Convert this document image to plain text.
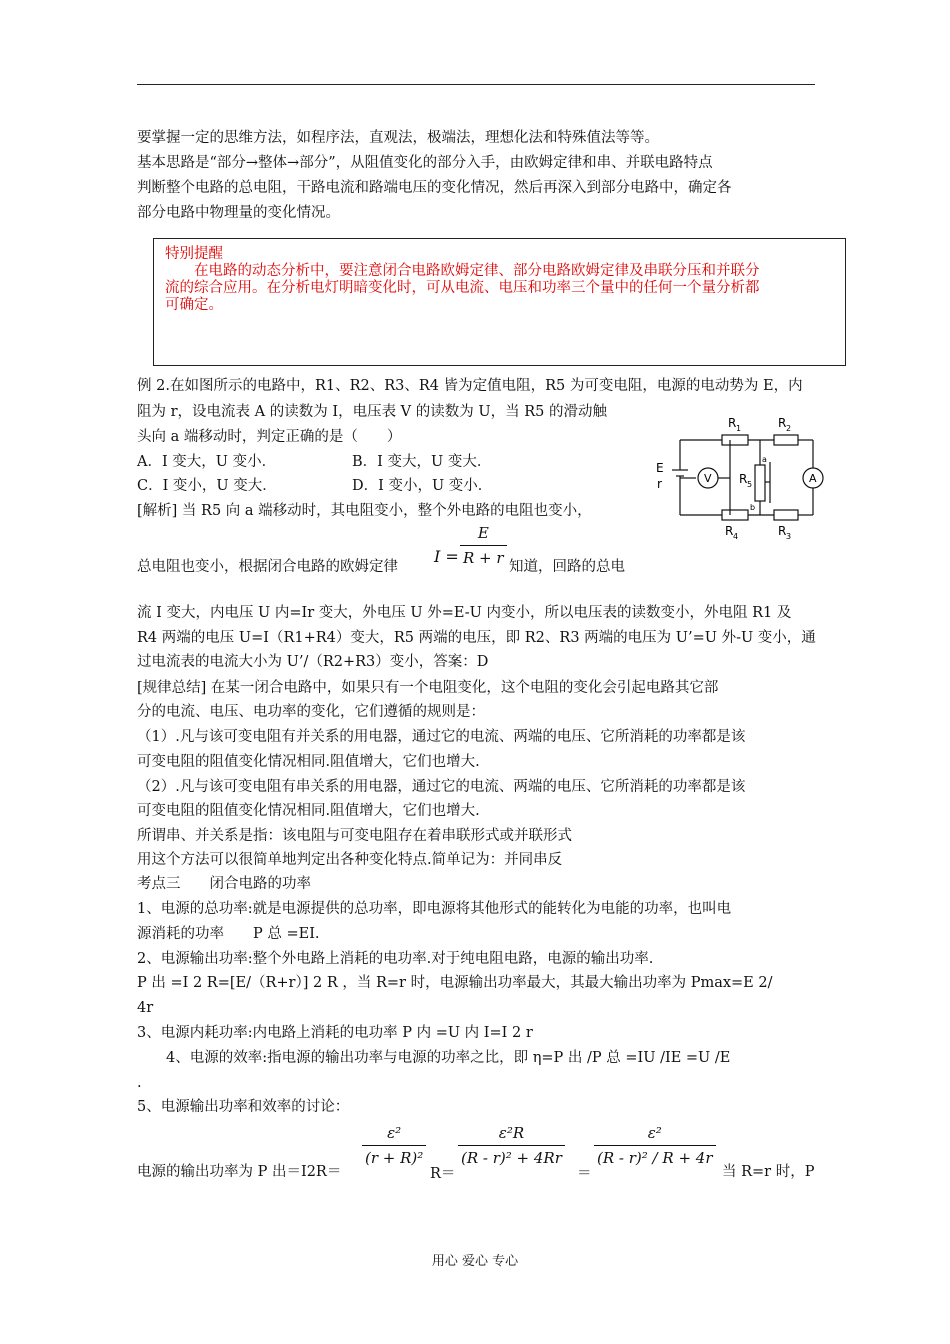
要掌握一定的思维方法，如程序法，直观法，极端法，理想化法和特殊值法等等。
基本思路是“部分→整体→部分”，从阻值变化的部分入手，由欧姆定律和串、并联电路特点
判断整个电路的总电阻，干路电流和路端电压的变化情况，然后再深入到部分电路中，确定各
部分电路中物理量的变化情况。
特别提醒
　　在电路的动态分析中，要注意闭合电路欧姆定律、部分电路欧姆定律及串联分压和并联分
流的综合应用。在分析电灯明暗变化时，可从电流、电压和功率三个量中的任何一个量分析都
可确定。
例 2.在如图所示的电路中，R1、R2、R3、R4 皆为定值电阻，R5 为可变电阻，电源的电动势为 E，内
阻为 r，设电流表 A 的读数为 I，电压表 V 的读数为 U，当 R5 的滑动触
头向 a 端移动时，判定正确的是（　　）
A．I 变大，U 变小．	B．I 变大，U 变大．
C．I 变小，U 变大．	D．I 变小，U 变小．
[解析] 当 R5 向 a 端移动时，其电阻变小，整个外电路的电阻也变小，
R 1	R 2
R 4	R 3
R 5
E
r	V	A
a
b
总电阻也变小，根据闭合电路的欧姆定律

I =
E
R + r 知道，回路的总电
流 I 变大，内电压 U 内=Ir 变大，外电压 U 外=E-U 内变小，所以电压表的读数变小，外电阻 R1 及
R4 两端的电压 U=I（R1+R4）变大，R5 两端的电压，即 R2、R3 两端的电压为 U’=U 外-U 变小，通
过电流表的电流大小为 U’/（R2+R3）变小，答案：D
[规律总结] 在某一闭合电路中，如果只有一个电阻变化，这个电阻的变化会引起电路其它部
分的电流、电压、电功率的变化，它们遵循的规则是：
（1）.凡与该可变电阻有并关系的用电器，通过它的电流、两端的电压、它所消耗的功率都是该
可变电阻的阻值变化情况相同.阻值增大，它们也增大.
（2）.凡与该可变电阻有串关系的用电器，通过它的电流、两端的电压、它所消耗的功率都是该
可变电阻的阻值变化情况相同.阻值增大，它们也增大.
所谓串、并关系是指：该电阻与可变电阻存在着串联形式或并联形式
用这个方法可以很简单地判定出各种变化特点.简单记为：并同串反
考点三　　闭合电路的功率
1、电源的总功率:就是电源提供的总功率，即电源将其他形式的能转化为电能的功率，也叫电
源消耗的功率　　P 总 =EI.
2、电源输出功率:整个外电路上消耗的电功率.对于纯电阻电路，电源的输出功率.
P 出 =I 2 R=[E/（R+r）] 2 R ，当 R=r 时，电源输出功率最大，其最大输出功率为 Pmax=E 2/
4r
3、电源内耗功率:内电路上消耗的电功率 P 内 =U 内 I=I 2 r
　　4、电源的效率:指电源的输出功率与电源的功率之比，即 η=P 出 /P 总 =IU /IE =U /E
.
5、电源输出功率和效率的讨论：
电源的输出功率为 P 出＝I2R＝
ε²
(r + R)²
R＝
ε²R
(R - r)² + 4Rr
＝
ε²
(R - r)² / R + 4r
当 R=r 时，P
用心 爱心 专心
